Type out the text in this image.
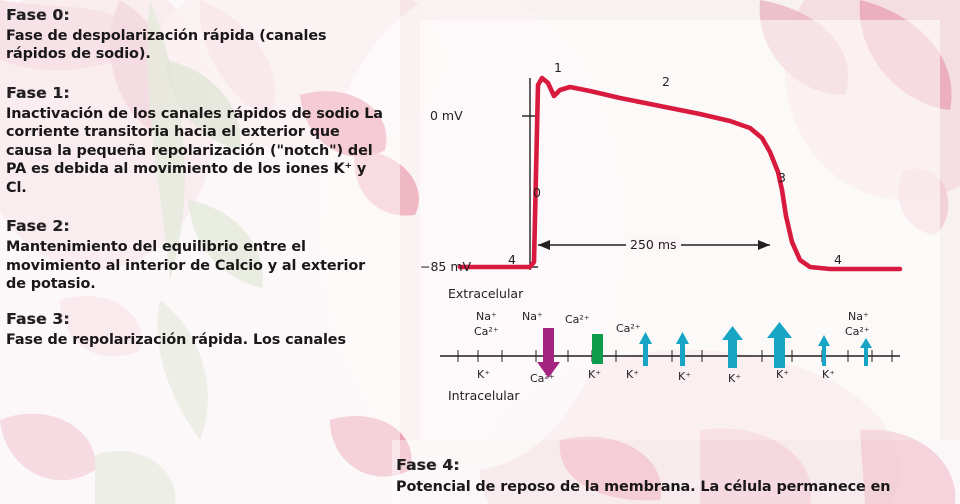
Fase 0:

Fase de despolarización rápida (canales rápidos de sodio).

Fase 1:

Inactivación de los canales rápidos de sodio La corriente transitoria hacia el exterior que causa la pequeña repolarización ("notch") del PA es debida al movimiento de los iones K⁺ y Cl.

Fase 2:

Mantenimiento del equilibrio entre el movimiento al interior de Calcio y al exterior de potasio.

Fase 3:

Fase de repolarización rápida. Los canales

Fase 4:

Potencial de reposo de la membrana. La célula permanece en

0 mV
−85 mV
250 ms
0
1
2
3
4	4
Extracelular
Intracelular
Na⁺
Ca²⁺
Na⁺ Ca²⁺
Ca²⁺
Na⁺
Ca²⁺
K⁺	Ca²⁺	K⁺ K⁺	K⁺	K⁺	K⁺	K⁺
